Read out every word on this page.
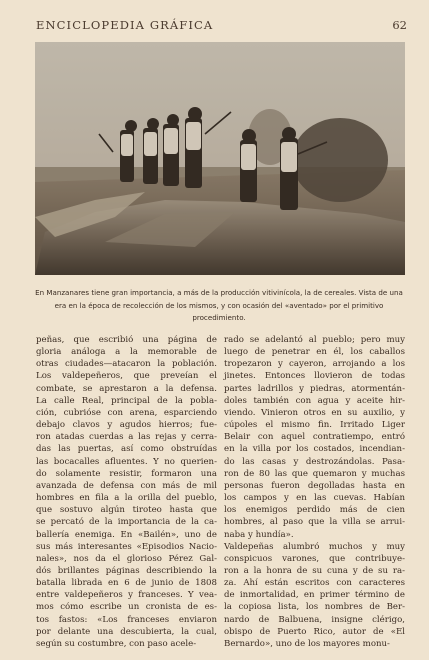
ENCICLOPEDIA GRÁFICA	62
En Manzanares tiene gran importancia, a más de la producción vitivinícola, la de cereales. Vista de una era en la época de recolección de los mismos, y con ocasión del «aventado» por el primitivo procedimiento.
peñas, que escribió una página de
gloria análoga a la memorable de
otras ciudades—atacaron la población.
Los valdepeñeros, que preveían el
combate, se aprestaron a la defensa.
La calle Real, principal de la pobla-
ción, cubrióse con arena, esparciendo
debajo clavos y agudos hierros; fue-
ron atadas cuerdas a las rejas y cerra-
das las puertas, así como obstruídas
las bocacalles afluentes. Y no querien-
do solamente resistir, formaron una
avanzada de defensa con más de mil
hombres en fila a la orilla del pueblo,
que sostuvo algún tiroteo hasta que
se percató de la importancia de la ca-
ballería enemiga. En «Bailén», uno de
sus más interesantes «Episodios Nacio-
nales», nos da el glorioso Pérez Gal-
dós brillantes páginas describiendo la
batalla librada en 6 de junio de 1808
entre valdepeñeros y franceses. Y vea-
mos cómo escribe un cronista de es-
tos fastos: «Los franceses enviaron
por delante una descubierta, la cual,
según su costumbre, con paso acele-
rado se adelantó al pueblo; pero muy
luego de penetrar en él, los caballos
tropezaron y cayeron, arrojando a los
jinetes. Entonces llovieron de todas
partes ladrillos y piedras, atormentán-
doles también con agua y aceite hir-
viendo. Vinieron otros en su auxilio, y
cúpoles el mismo fin. Irritado Liger
Belair con aquel contratiempo, entró
en la villa por los costados, incendian-
do las casas y destrozándolas. Pasa-
ron de 80 las que quemaron y muchas
personas fueron degolladas hasta en
los campos y en las cuevas. Habían
los enemigos perdido más de cien
hombres, al paso que la villa se arrui-
naba y hundía».
Valdepeñas alumbró muchos y muy
conspicuos varones, que contribuye-
ron a la honra de su cuna y de su ra-
za. Ahí están escritos con caracteres
de inmortalidad, en primer término de
la copiosa lista, los nombres de Ber-
nardo de Balbuena, insigne clérigo,
obispo de Puerto Rico, autor de «El
Bernardo», uno de los mayores monu-
